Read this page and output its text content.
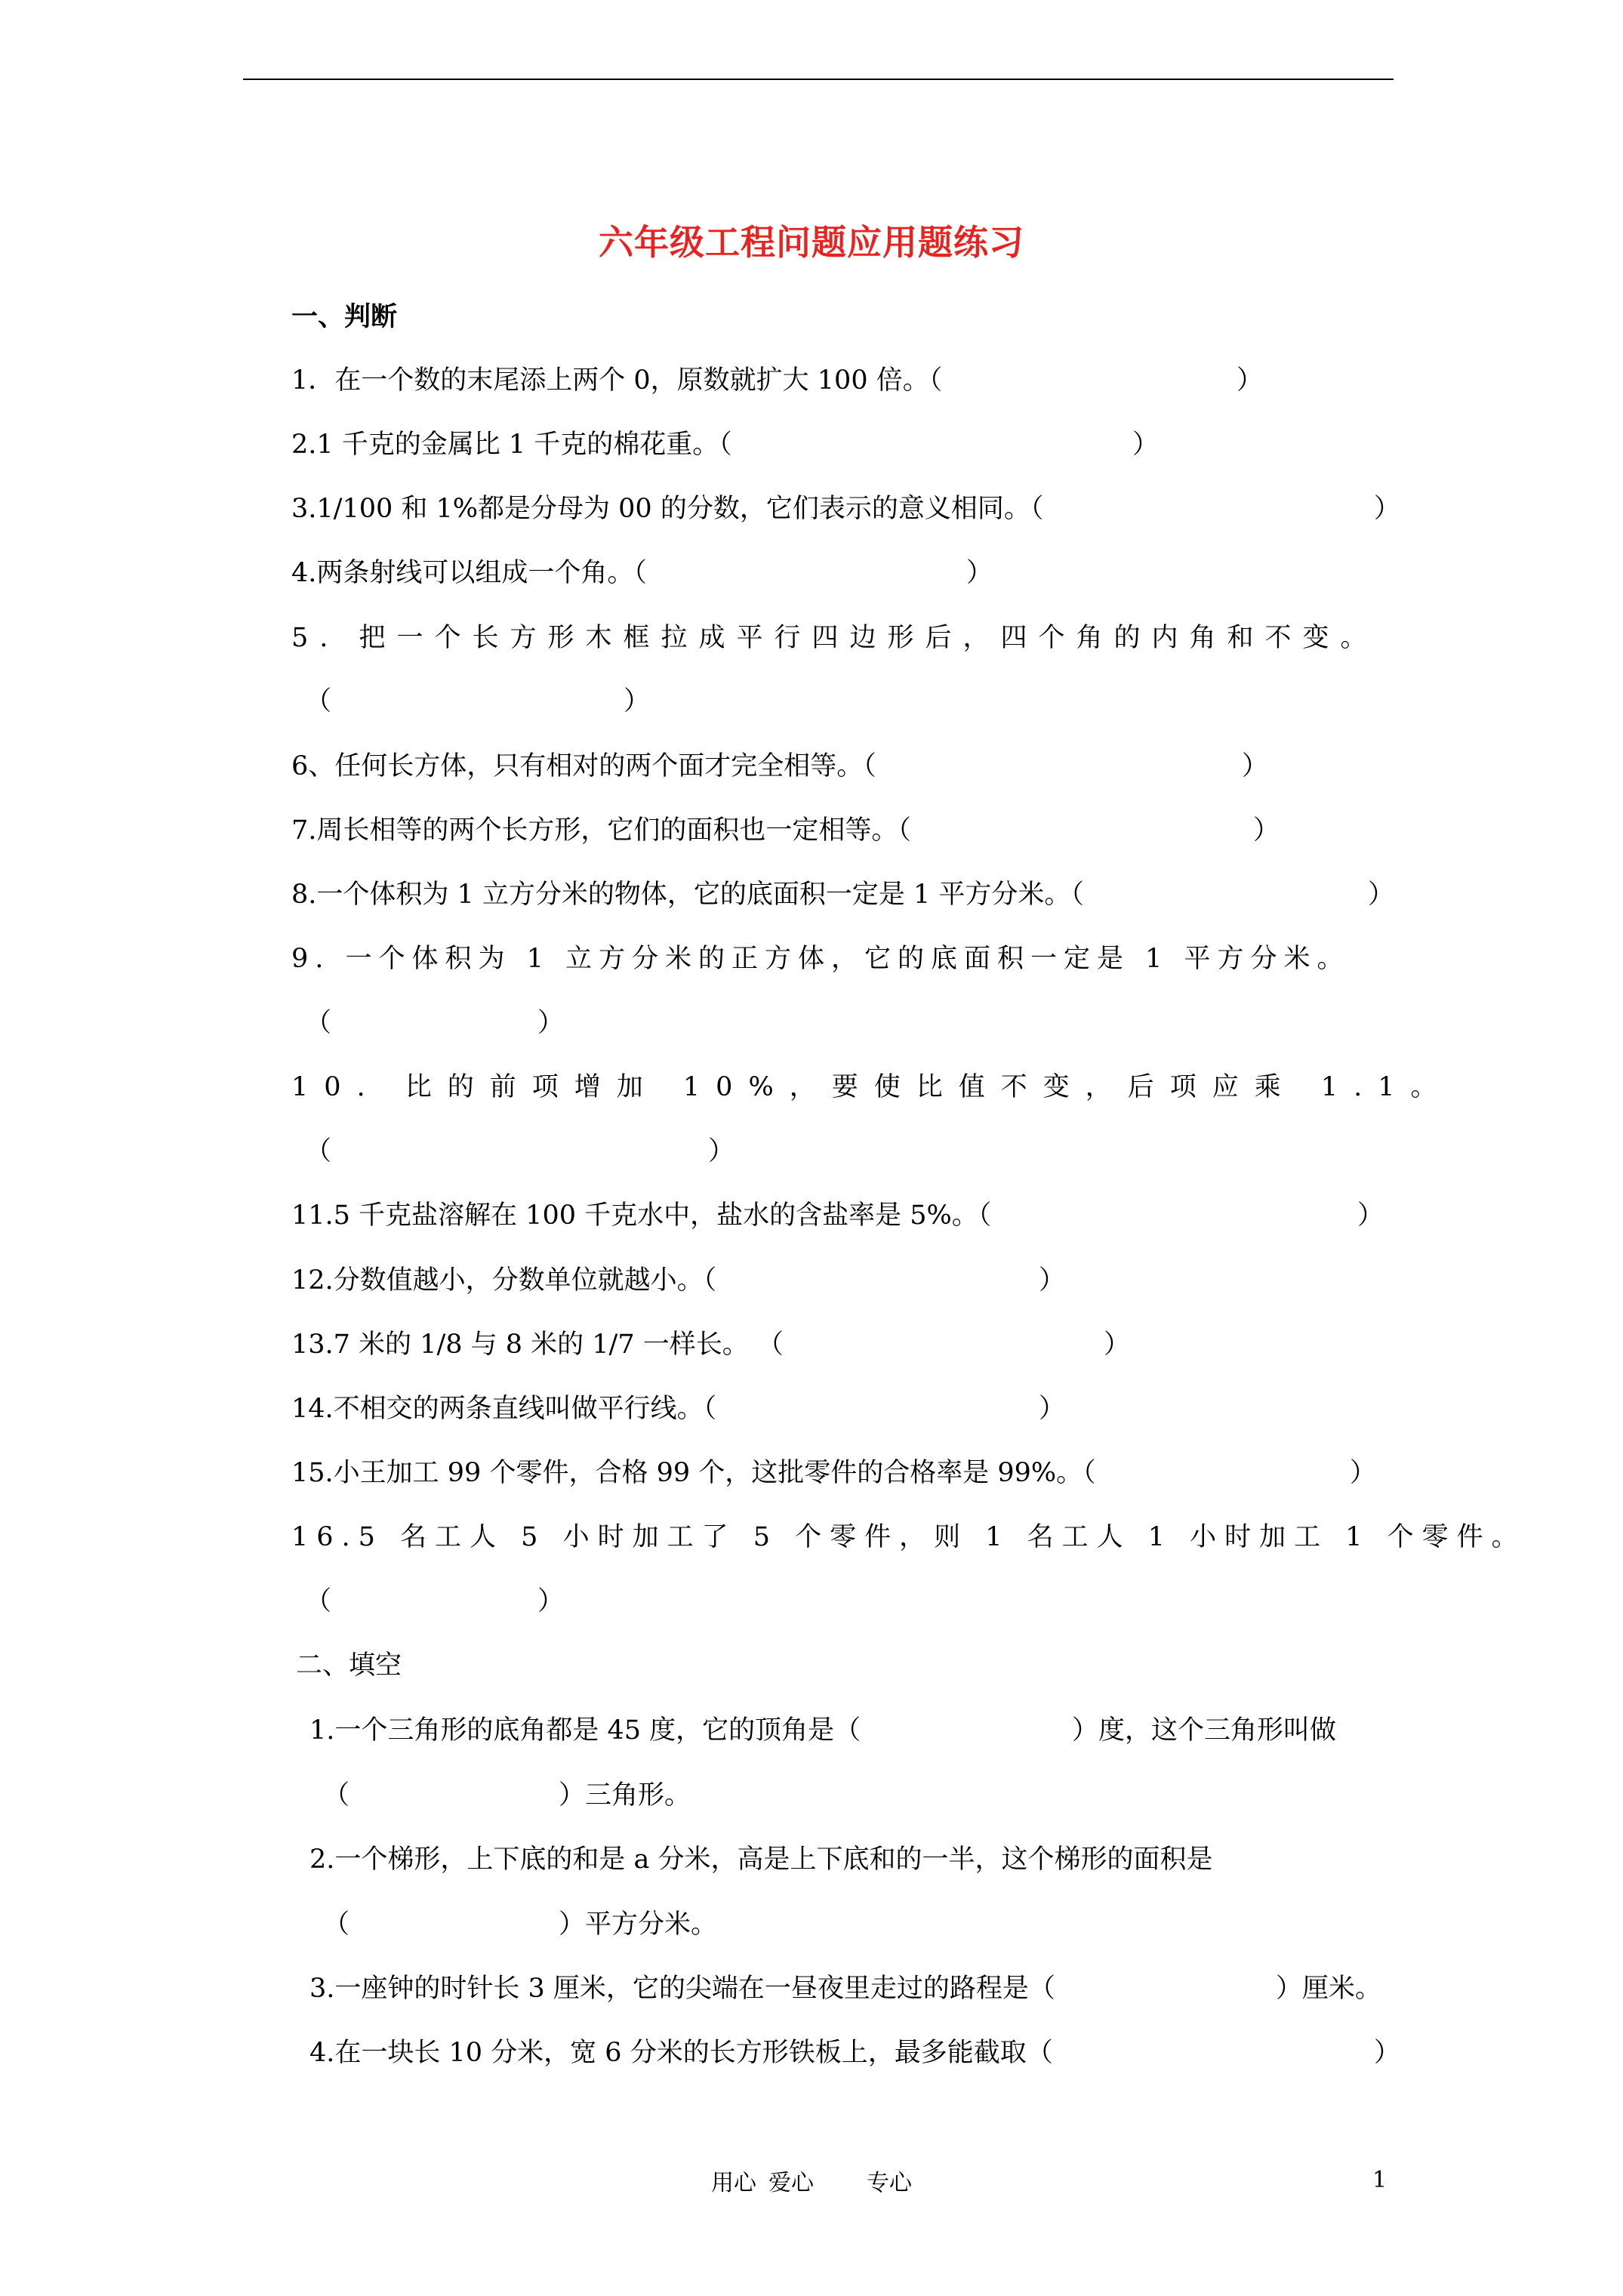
六年级工程问题应用题练习
一、判断
1．在一个数的末尾添上两个 0，原数就扩大 100 倍。（	）
2.1 千克的金属比 1 千克的棉花重。（	）
3.1/100 和 1%都是分母为 00 的分数，它们表示的意义相同。（	）
4.两条射线可以组成一个角。（	）
5. 把一个长方形木框拉成平行四边形后，四个角的内角和不变。
（	）
6、任何长方体，只有相对的两个面才完全相等。（	）
7.周长相等的两个长方形，它们的面积也一定相等。（	）
8.一个体积为 1 立方分米的物体，它的底面积一定是 1 平方分米。（	）
9. 一个体积为 1 立方分米的正方体，它的底面积一定是 1 平方分米。
（	）
10. 比的前项增加 10%，要使比值不变，后项应乘 1.1。
（	）
11.5 千克盐溶解在 100 千克水中，盐水的含盐率是 5%。（	）
12.分数值越小，分数单位就越小。（	）
13.7 米的 1/8 与 8 米的 1/7 一样长。 （	）
14.不相交的两条直线叫做平行线。（	）
15.小王加工 99 个零件，合格 99 个，这批零件的合格率是 99%。（	）
16.5 名工人 5 小时加工了 5 个零件，则 1 名工人 1 小时加工 1 个零件。
（	）
二、填空
1.一个三角形的底角都是 45 度，它的顶角是（	）度，这个三角形叫做
（	）三角形。
2.一个梯形，上下底的和是 a 分米，高是上下底和的一半，这个梯形的面积是
（	）平方分米。
3.一座钟的时针长 3 厘米，它的尖端在一昼夜里走过的路程是（	）厘米。
4.在一块长 10 分米，宽 6 分米的长方形铁板上，最多能截取（	）
用心 爱心 专心	1
